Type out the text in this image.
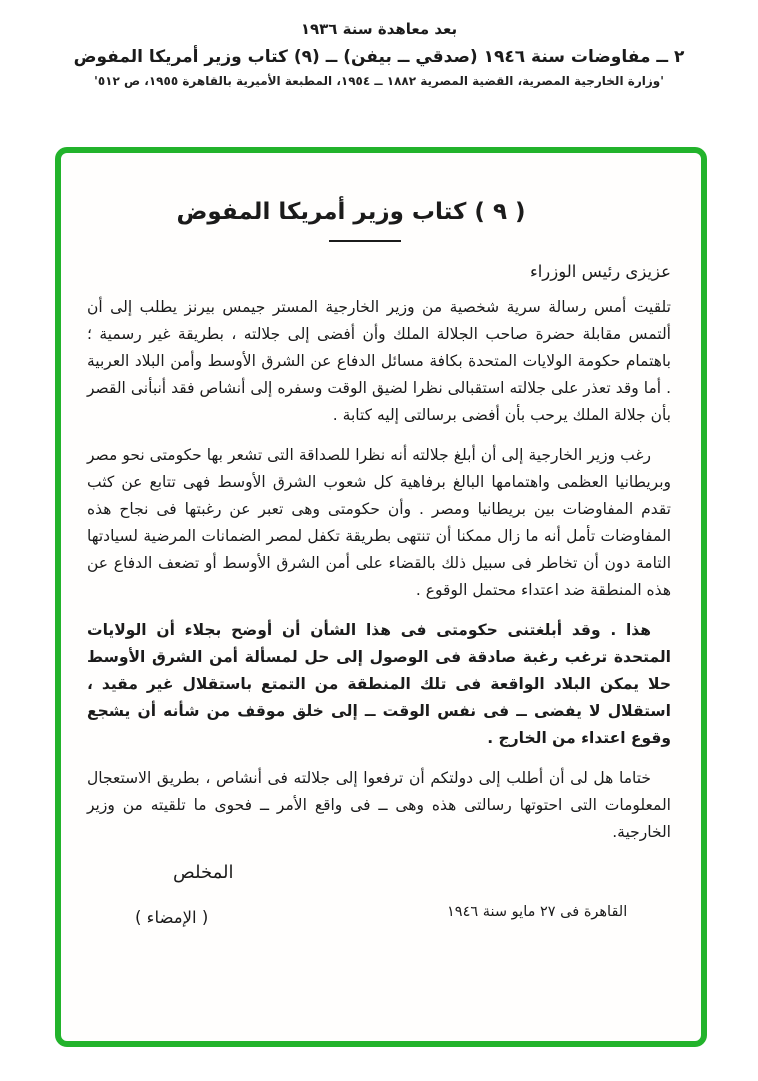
بعد معاهدة سنة ١٩٣٦
٢ ــ مفاوضات سنة ١٩٤٦ (صدقي ــ بيفن) ــ (٩) كتاب وزير أمريكا المفوض
'وزارة الخارجية المصرية، القضية المصرية ١٨٨٢ ــ ١٩٥٤، المطبعة الأميرية بالقاهرة ١٩٥٥، ص ٥١٢'
( ٩ ) كتاب وزير أمريكا المفوض
عزيزى رئيس الوزراء

تلقيت أمس رسالة سرية شخصية من وزير الخارجية المستر جيمس بيرنز يطلب إلى أن ألتمس مقابلة حضرة صاحب الجلالة الملك وأن أفضى إلى جلالته ، بطريقة غير رسمية ؛ باهتمام حكومة الولايات المتحدة بكافة مسائل الدفاع عن الشرق الأوسط وأمن البلاد العربية . أما وقد تعذر على جلالته استقبالى نظرا لضيق الوقت وسفره إلى أنشاص فقد أنبأنى القصر بأن جلالة الملك يرحب بأن أفضى برسالتى إليه كتابة .

رغب وزير الخارجية إلى أن أبلغ جلالته أنه نظرا للصداقة التى تشعر بها حكومتى نحو مصر وبريطانيا العظمى واهتمامها البالغ برفاهية كل شعوب الشرق الأوسط فهى تتابع عن كثب تقدم المفاوضات بين بريطانيا ومصر . وأن حكومتى وهى تعبر عن رغبتها فى نجاح هذه المفاوضات تأمل أنه ما زال ممكنا أن تنتهى بطريقة تكفل لمصر الضمانات المرضية لسيادتها التامة دون أن تخاطر فى سبيل ذلك بالقضاء على أمن الشرق الأوسط أو تضعف الدفاع عن هذه المنطقة ضد اعتداء محتمل الوقوع .

هذا . وقد أبلغتنى حكومتى فى هذا الشأن أن أوضح بجلاء أن الولايات المتحدة ترغب رغبة صادقة فى الوصول إلى حل لمسألة أمن الشرق الأوسط حلا يمكن البلاد الواقعة فى تلك المنطقة من التمتع باستقلال غير مقيد ، استقلال لا يفضى ــ فى نفس الوقت ــ إلى خلق موقف من شأنه أن يشجع وقوع اعتداء من الخارج .

ختاما هل لى أن أطلب إلى دولتكم أن ترفعوا إلى جلالته فى أنشاص ، بطريق الاستعجال المعلومات التى احتوتها رسالتى هذه وهى ــ فى واقع الأمر ــ فحوى ما تلقيته من وزير الخارجية.

المخلص
( الإمضاء )	القاهرة فى ٢٧ مايو سنة ١٩٤٦
